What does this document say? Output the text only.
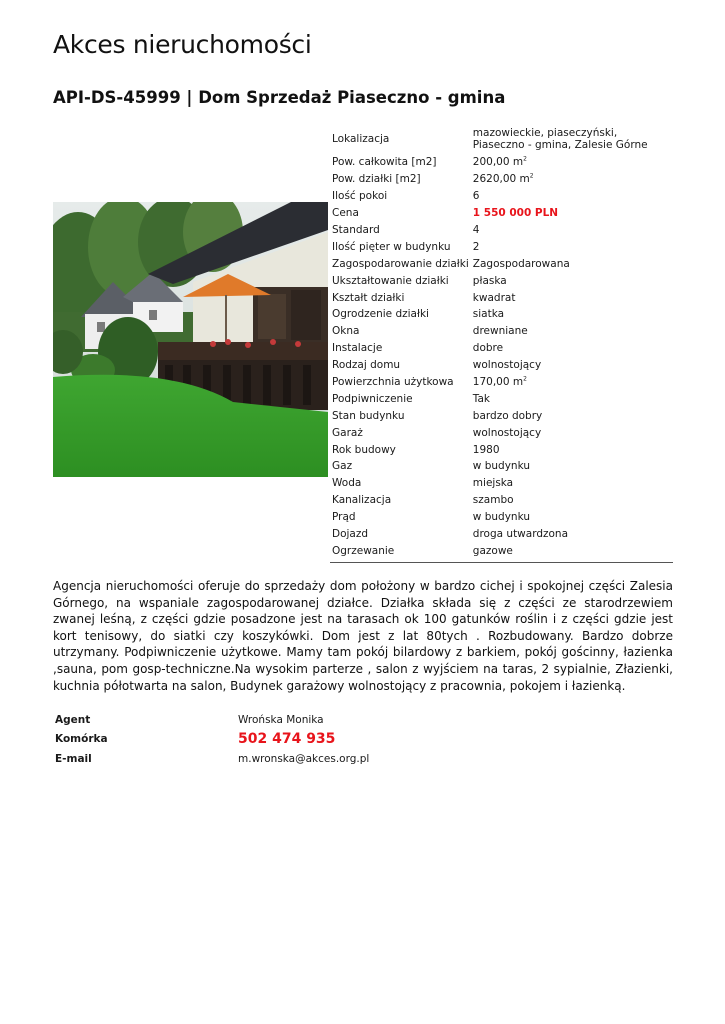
Akces nieruchomości
API-DS-45999 | Dom Sprzedaż Piaseczno - gmina
Lokalizacja	mazowieckie, piaseczyński, Piaseczno - gmina, Zalesie Górne
Pow. całkowita [m2]	200,00 $m^2$
Pow. działki [m2]	2620,00 $m^2$
Ilość pokoi	6
Cena	1 550 000 PLN
Standard	4
Ilość pięter w budynku	2
Zagospodarowanie działki	Zagospodarowana
Ukształtowanie działki	płaska
Kształt działki	kwadrat
Ogrodzenie działki	siatka
Okna	drewniane
Instalacje	dobre
Rodzaj domu	wolnostojący
Powierzchnia użytkowa	170,00 $m^2$
Podpiwniczenie	Tak
Stan budynku	bardzo dobry
Garaż	wolnostojący
Rok budowy	1980
Gaz	w budynku
Woda	miejska
Kanalizacja	szambo
Prąd	w budynku
Dojazd	droga utwardzona
Ogrzewanie	gazowe
Agencja nieruchomości oferuje do sprzedaży dom położony w bardzo cichej i spokojnej części Zalesia Górnego, na wspaniale zagospodarowanej działce. Działka składa się z części ze starodrzewiem zwanej leśną, z części gdzie posadzone jest na tarasach ok 100 gatunków roślin i z części gdzie jest kort tenisowy, do siatki czy koszykówki. Dom jest z lat 80tych . Rozbudowany. Bardzo dobrze utrzymany. Podpiwniczenie użytkowe. Mamy tam pokój bilardowy z barkiem, pokój gościnny, łazienka ,sauna, pom gosp-techniczne.Na wysokim parterze , salon z wyjściem na taras, 2 sypialnie, Złazienki, kuchnia półotwarta na salon, Budynek garażowy wolnostojący z pracownia, pokojem i łazienką.
Agent	Wrońska Monika
Komórka	502 474 935
E-mail	m.wronska@akces.org.pl
